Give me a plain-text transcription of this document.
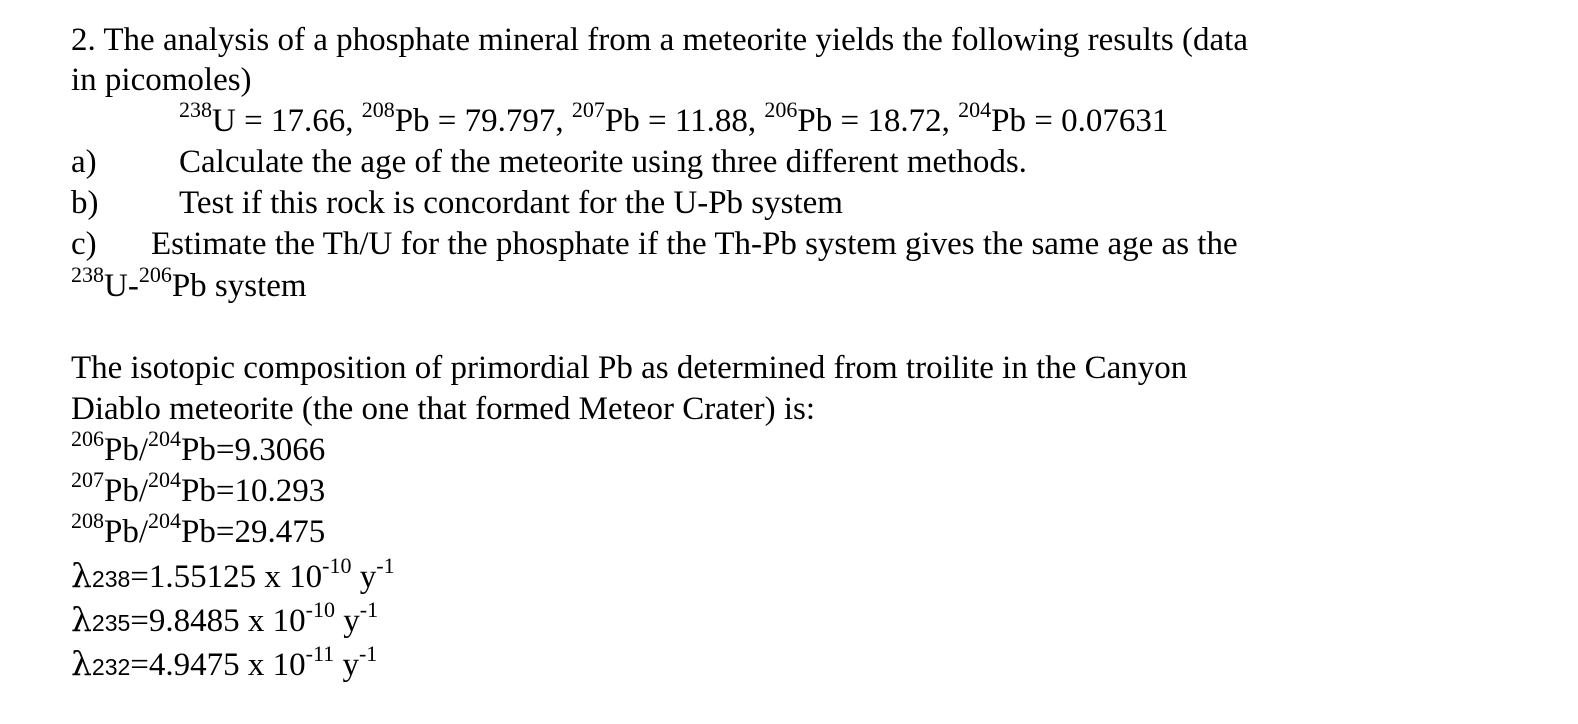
2. The analysis of a phosphate mineral from a meteorite yields the following results (data
in picomoles)
$^{238}$U = 17.66, $^{208}$Pb = 79.797, $^{207}$Pb = 11.88, $^{206}$Pb = 18.72, $^{204}$Pb = 0.07631
a) Calculate the age of the meteorite using three different methods.
b) Test if this rock is concordant for the U-Pb system
c) Estimate the Th/U for the phosphate if the Th-Pb system gives the same age as the
$^{238}$U-$^{206}$Pb system
The isotopic composition of primordial Pb as determined from troilite in the Canyon
Diablo meteorite (the one that formed Meteor Crater) is:
$^{206}$Pb/$^{204}$Pb=9.3066
$^{207}$Pb/$^{204}$Pb=10.293
$^{208}$Pb/$^{204}$Pb=29.475
λ238=1.55125 x $10^{-10}$ $y^{-1}$
λ235=9.8485 x $10^{-10}$ $y^{-1}$
λ232=4.9475 x $10^{-11}$ $y^{-1}$
